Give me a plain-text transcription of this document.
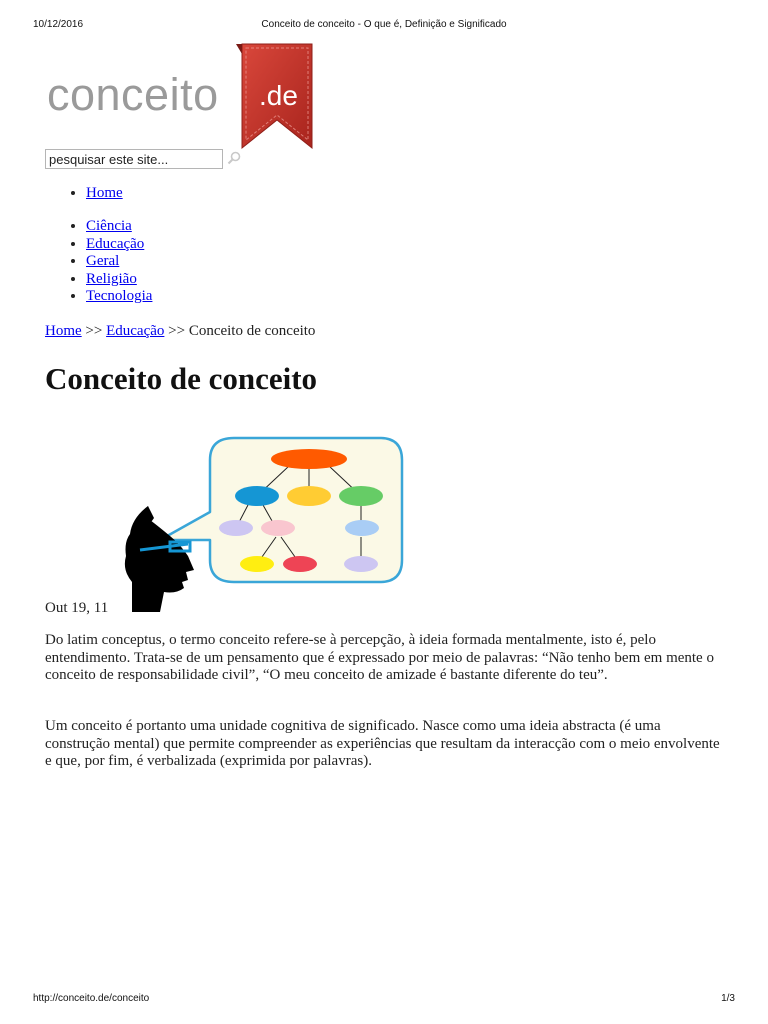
10/12/2016	Conceito de conceito - O que é, Definição e Significado
conceito .de
pesquisar este site...
• Home
• Ciência
• Educação
• Geral
• Religião
• Tecnologia
Home >> Educação >> Conceito de conceito
Conceito de conceito
Out 19, 11

Do latim conceptus, o termo conceito refere-se à percepção, à ideia formada mentalmente, isto é, pelo entendimento. Trata-se de um pensamento que é expressado por meio de palavras: “Não tenho bem em mente o conceito de responsabilidade civil”, “O meu conceito de amizade é bastante diferente do teu”.

Um conceito é portanto uma unidade cognitiva de significado. Nasce como uma ideia abstracta (é uma construção mental) que permite compreender as experiências que resultam da interacção com o meio envolvente e que, por fim, é verbalizada (exprimida por palavras).

http://conceito.de/conceito	1/3
